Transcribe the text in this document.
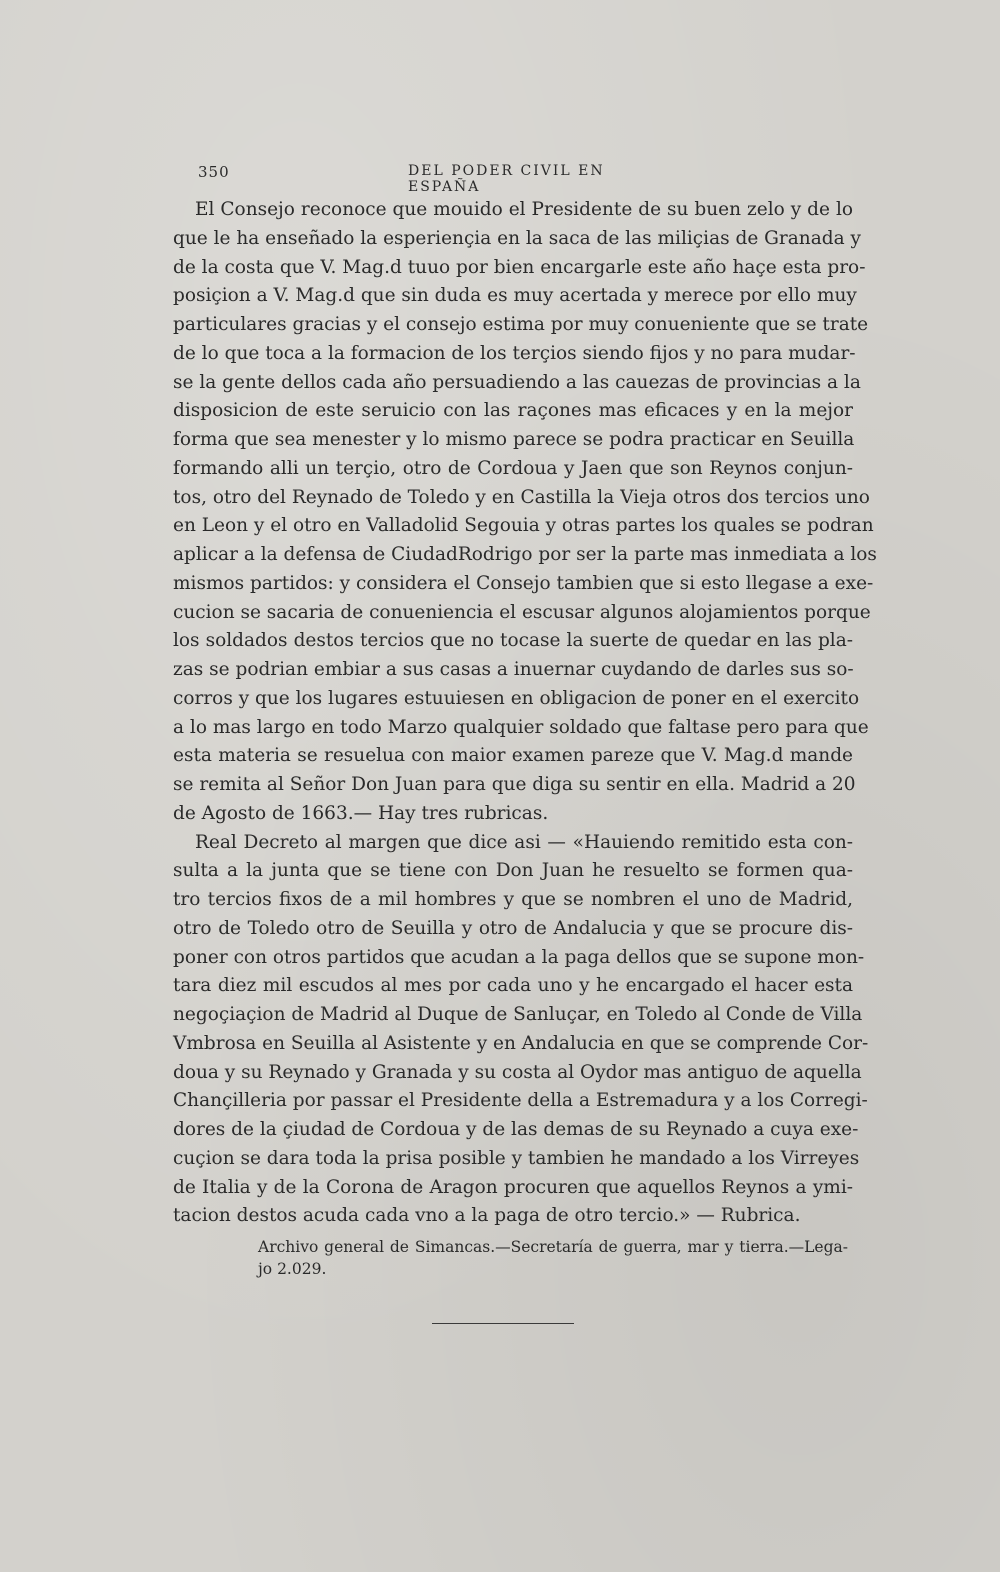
350	DEL PODER CIVIL EN ESPAÑA
El Consejo reconoce que mouido el Presidente de su buen zelo y de lo
que le ha enseñado la esperiençia en la saca de las miliçias de Granada y
de la costa que V. Mag.d tuuo por bien encargarle este año haçe esta pro-
posiçion a V. Mag.d que sin duda es muy acertada y merece por ello muy
particulares gracias y el consejo estima por muy conueniente que se trate
de lo que toca a la formacion de los terçios siendo fijos y no para mudar-
se la gente dellos cada año persuadiendo a las cauezas de provincias a la
disposicion de este seruicio con las raçones mas eficaces y en la mejor
forma que sea menester y lo mismo parece se podra practicar en Seuilla
formando alli un terçio, otro de Cordoua y Jaen que son Reynos conjun-
tos, otro del Reynado de Toledo y en Castilla la Vieja otros dos tercios uno
en Leon y el otro en Valladolid Segouia y otras partes los quales se podran
aplicar a la defensa de CiudadRodrigo por ser la parte mas inmediata a los
mismos partidos: y considera el Consejo tambien que si esto llegase a exe-
cucion se sacaria de conueniencia el escusar algunos alojamientos porque
los soldados destos tercios que no tocase la suerte de quedar en las pla-
zas se podrian embiar a sus casas a inuernar cuydando de darles sus so-
corros y que los lugares estuuiesen en obligacion de poner en el exercito
a lo mas largo en todo Marzo qualquier soldado que faltase pero para que
esta materia se resuelua con maior examen pareze que V. Mag.d mande
se remita al Señor Don Juan para que diga su sentir en ella. Madrid a 20
de Agosto de 1663.— Hay tres rubricas.
Real Decreto al margen que dice asi — «Hauiendo remitido esta con-
sulta a la junta que se tiene con Don Juan he resuelto se formen qua-
tro tercios fixos de a mil hombres y que se nombren el uno de Madrid,
otro de Toledo otro de Seuilla y otro de Andalucia y que se procure dis-
poner con otros partidos que acudan a la paga dellos que se supone mon-
tara diez mil escudos al mes por cada uno y he encargado el hacer esta
negoçiaçion de Madrid al Duque de Sanluçar, en Toledo al Conde de Villa
Vmbrosa en Seuilla al Asistente y en Andalucia en que se comprende Cor-
doua y su Reynado y Granada y su costa al Oydor mas antiguo de aquella
Chançilleria por passar el Presidente della a Estremadura y a los Corregi-
dores de la çiudad de Cordoua y de las demas de su Reynado a cuya exe-
cuçion se dara toda la prisa posible y tambien he mandado a los Virreyes
de Italia y de la Corona de Aragon procuren que aquellos Reynos a ymi-
tacion destos acuda cada vno a la paga de otro tercio.» — Rubrica.
Archivo general de Simancas.—Secretaría de guerra, mar y tierra.—Lega-
jo 2.029.
